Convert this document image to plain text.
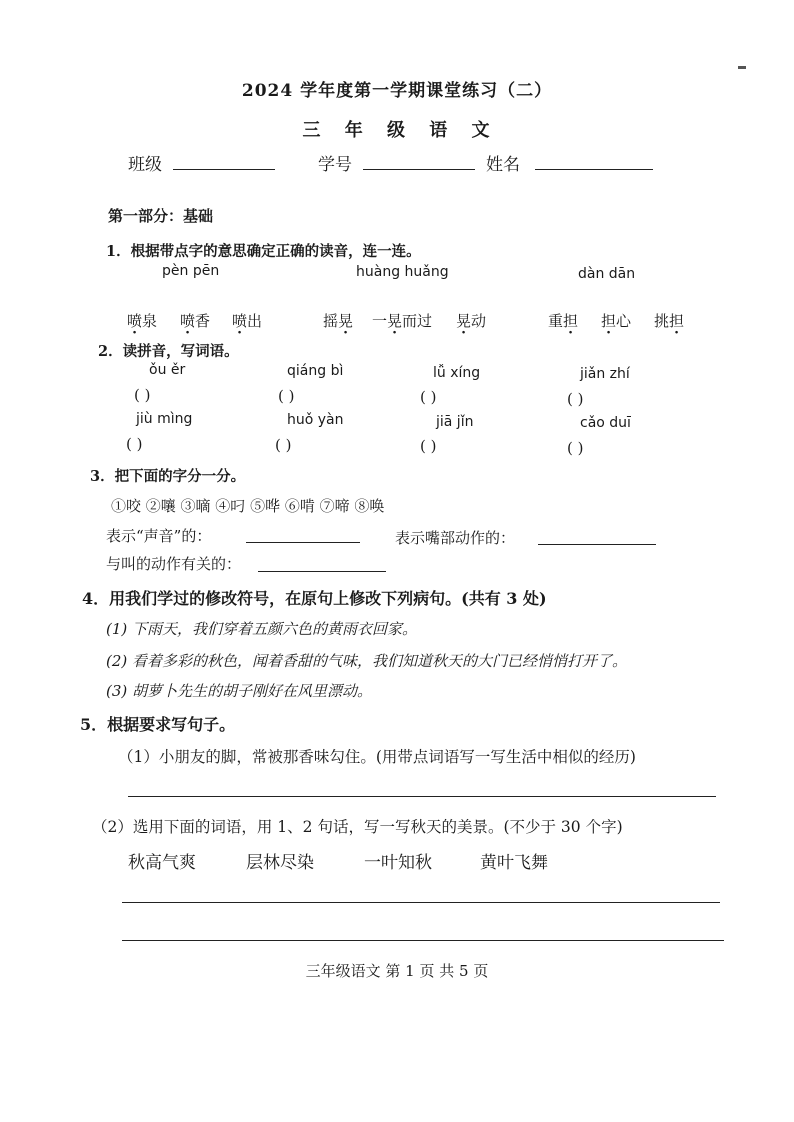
2024 学年度第一学期课堂练习（二）
三 年 级 语 文
班级	学号	姓名
第一部分：基础
1．根据带点字的意思确定正确的读音，连一连。
pèn pēn	huàng huǎng	dàn dān
喷泉 喷香 喷出	摇晃 一晃而过 晃动	重担 担心 挑担
2．读拼音，写词语。
ǒu ěr	qiáng bì	lǚ xíng	jiǎn zhí
( )	( )	( )	( )
jiù mìng	huǒ yàn	jiā jǐn	cǎo duī
( )	( )	( )	( )
3．把下面的字分一分。
①咬 ②嚷 ③嘀 ④叼 ⑤哗 ⑥啃 ⑦啼 ⑧唤
表示“声音”的：	表示嘴部动作的：
与叫的动作有关的：
4．用我们学过的修改符号，在原句上修改下列病句。(共有 3 处)
(1) 下雨天，我们穿着五颜六色的黄雨衣回家。
(2) 看着多彩的秋色，闻着香甜的气味，我们知道秋天的大门已经悄悄打开了。
(3) 胡萝卜先生的胡子刚好在风里漂动。
5．根据要求写句子。
（1）小朋友的脚，常被那香味勾住。(用带点词语写一写生活中相似的经历)
（2）选用下面的词语，用 1、2 句话，写一写秋天的美景。(不少于 30 个字)
秋高气爽	层林尽染	一叶知秋	黄叶飞舞
三年级语文 第 1 页 共 5 页
